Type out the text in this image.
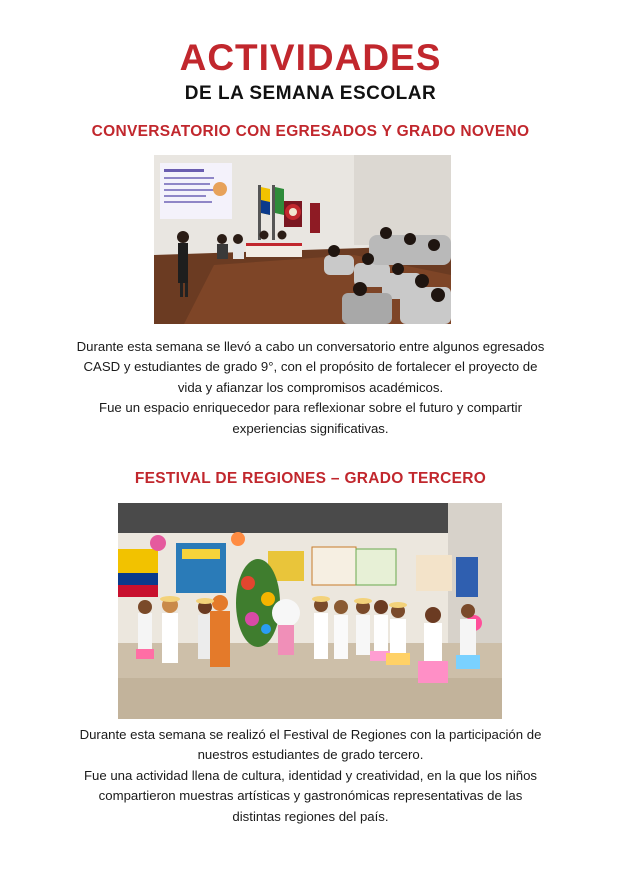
ACTIVIDADES
DE LA SEMANA ESCOLAR
CONVERSATORIO CON EGRESADOS Y GRADO NOVENO

Durante esta semana se llevó a cabo un conversatorio entre algunos egresados

CASD y estudiantes de grado 9°, con el propósito de fortalecer el proyecto de

vida y afianzar los compromisos académicos.

Fue un espacio enriquecedor para reflexionar sobre el futuro y compartir

experiencias significativas.

FESTIVAL DE REGIONES – GRADO TERCERO

Durante esta semana se realizó el Festival de Regiones con la participación de

nuestros estudiantes de grado tercero.

Fue una actividad llena de cultura, identidad y creatividad, en la que los niños

compartieron muestras artísticas y gastronómicas representativas de las

distintas regiones del país.
